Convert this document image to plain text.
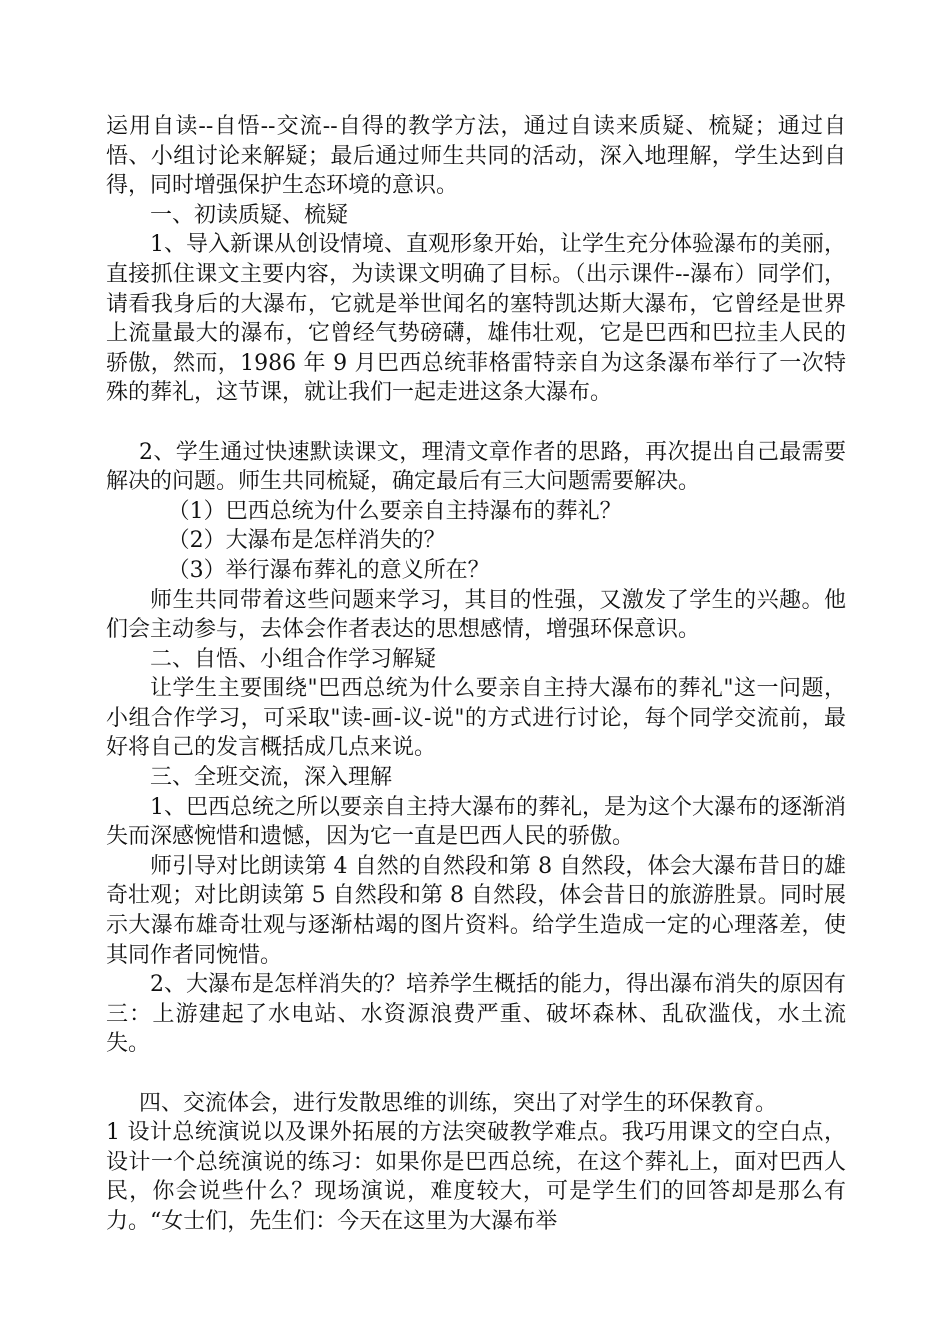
运用自读--自悟--交流--自得的教学方法，通过自读来质疑、梳疑；通过自悟、小组讨论来解疑；最后通过师生共同的活动，深入地理解，学生达到自得，同时增强保护生态环境的意识。

一、初读质疑、梳疑

1、导入新课从创设情境、直观形象开始，让学生充分体验瀑布的美丽，直接抓住课文主要内容，为读课文明确了目标。（出示课件--瀑布）同学们，请看我身后的大瀑布，它就是举世闻名的塞特凯达斯大瀑布，它曾经是世界上流量最大的瀑布，它曾经气势磅礴，雄伟壮观，它是巴西和巴拉圭人民的骄傲，然而，1986 年 9 月巴西总统菲格雷特亲自为这条瀑布举行了一次特殊的葬礼，这节课，就让我们一起走进这条大瀑布。

2、学生通过快速默读课文，理清文章作者的思路，再次提出自己最需要解决的问题。师生共同梳疑，确定最后有三大问题需要解决。

（1）巴西总统为什么要亲自主持瀑布的葬礼？

（2）大瀑布是怎样消失的？

（3）举行瀑布葬礼的意义所在？

师生共同带着这些问题来学习，其目的性强，又激发了学生的兴趣。他们会主动参与，去体会作者表达的思想感情，增强环保意识。

二、自悟、小组合作学习解疑

让学生主要围绕"巴西总统为什么要亲自主持大瀑布的葬礼"这一问题，小组合作学习，可采取"读-画-议-说"的方式进行讨论，每个同学交流前，最好将自己的发言概括成几点来说。

三、全班交流，深入理解

1、巴西总统之所以要亲自主持大瀑布的葬礼，是为这个大瀑布的逐渐消失而深感惋惜和遗憾，因为它一直是巴西人民的骄傲。

师引导对比朗读第 4 自然的自然段和第 8 自然段，体会大瀑布昔日的雄奇壮观；对比朗读第 5 自然段和第 8 自然段，体会昔日的旅游胜景。同时展示大瀑布雄奇壮观与逐渐枯竭的图片资料。给学生造成一定的心理落差，使其同作者同惋惜。

2、大瀑布是怎样消失的？培养学生概括的能力，得出瀑布消失的原因有三：上游建起了水电站、水资源浪费严重、破坏森林、乱砍滥伐，水土流失。

四、交流体会，进行发散思维的训练，突出了对学生的环保教育。

1 设计总统演说以及课外拓展的方法突破教学难点。我巧用课文的空白点，设计一个总统演说的练习：如果你是巴西总统，在这个葬礼上，面对巴西人民，你会说些什么？现场演说，难度较大，可是学生们的回答却是那么有力。“女士们，先生们：今天在这里为大瀑布举
